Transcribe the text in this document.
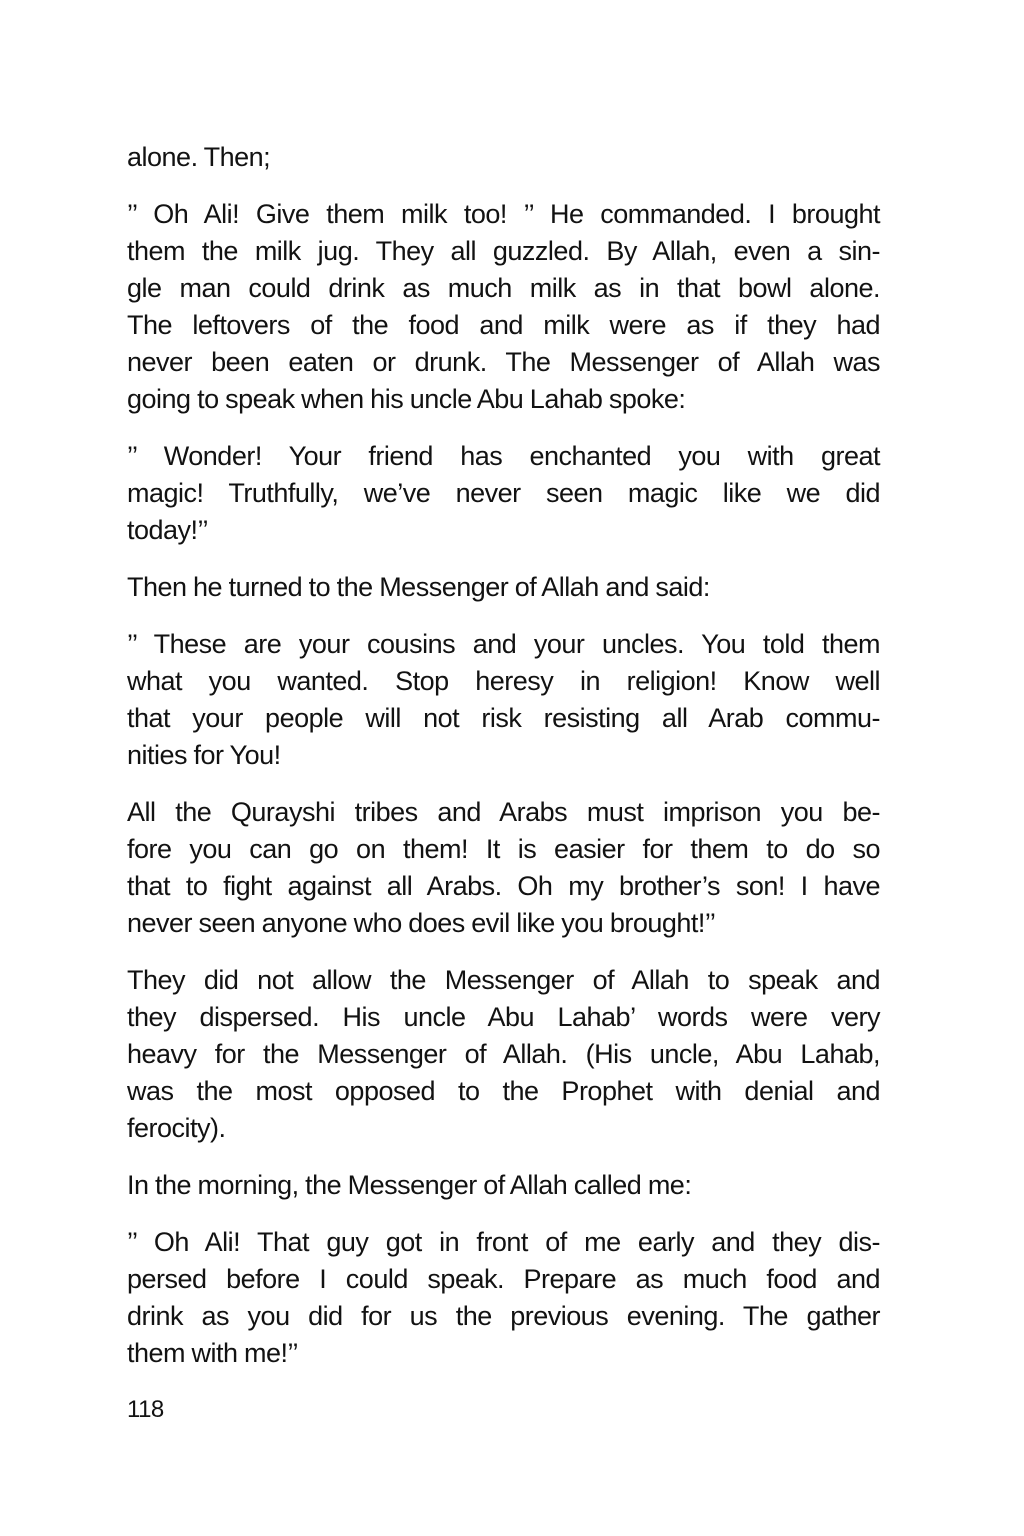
alone. Then;

’’ Oh Ali! Give them milk too! ’’ He commanded. I brought
them the milk jug. They all guzzled. By Allah, even a sin-
gle man could drink as much milk as in that bowl alone.
The leftovers of the food and milk were as if they had
never been eaten or drunk. The Messenger of Allah was
going to speak when his uncle Abu Lahab spoke:

’’ Wonder! Your friend has enchanted you with great
magic! Truthfully, we’ve never seen magic like we did
today!’’

Then he turned to the Messenger of Allah and said:

’’ These are your cousins and your uncles. You told them
what you wanted. Stop heresy in religion! Know well
that your people will not risk resisting all Arab commu-
nities for You!

All the Qurayshi tribes and Arabs must imprison you be-
fore you can go on them! It is easier for them to do so
that to fight against all Arabs. Oh my brother’s son! I have
never seen anyone who does evil like you brought!’’

They did not allow the Messenger of Allah to speak and
they dispersed. His uncle Abu Lahab’ words were very
heavy for the Messenger of Allah. (His uncle, Abu Lahab,
was the most opposed to the Prophet with denial and
ferocity).

In the morning, the Messenger of Allah called me:

’’ Oh Ali! That guy got in front of me early and they dis-
persed before I could speak. Prepare as much food and
drink as you did for us the previous evening. The gather
them with me!’’

118
